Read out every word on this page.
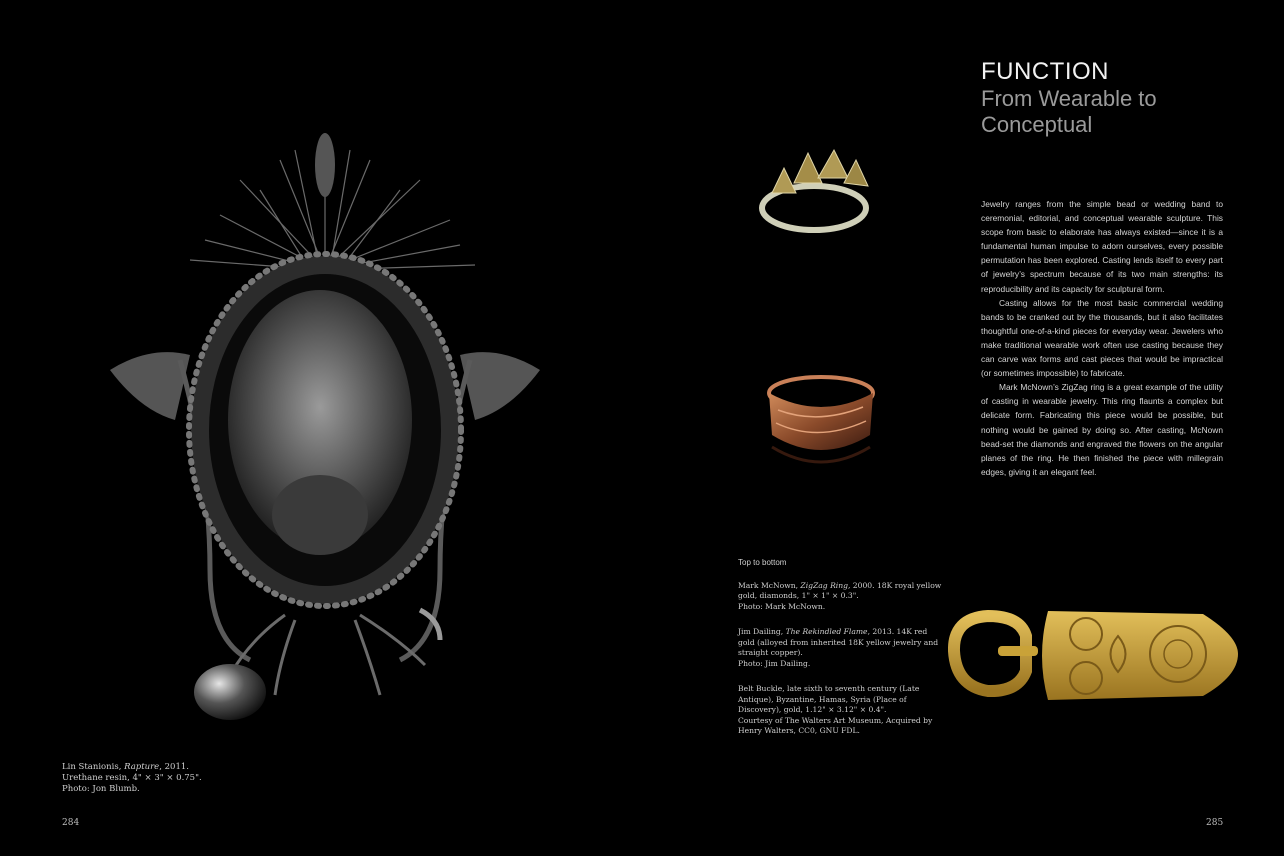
Lin Stanionis, Rapture, 2011.
Urethane resin, 4" × 3" × 0.75".
Photo: Jon Blumb.
284
FUNCTION
From Wearable to Conceptual

Jewelry ranges from the simple bead or wedding band to ceremonial, editorial, and conceptual wearable sculpture. This scope from basic to elaborate has always existed—since it is a fundamental human impulse to adorn ourselves, every possible permutation has been explored. Casting lends itself to every part of jewelry’s spectrum because of its two main strengths: its reproducibility and its capacity for sculptural form.

Casting allows for the most basic commercial wedding bands to be cranked out by the thousands, but it also facilitates thoughtful one-of-a-kind pieces for everyday wear. Jewelers who make traditional wearable work often use casting because they can carve wax forms and cast pieces that would be impractical (or sometimes impossible) to fabricate.

Mark McNown’s ZigZag ring is a great example of the utility of casting in wearable jewelry. This ring flaunts a complex but delicate form. Fabricating this piece would be possible, but nothing would be gained by doing so. After casting, McNown bead-set the diamonds and engraved the flowers on the angular planes of the ring. He then finished the piece with millegrain edges, giving it an elegant feel.

Top to bottom
Mark McNown, ZigZag Ring, 2000. 18K royal yellow gold, diamonds, 1" × 1" × 0.3".
Photo: Mark McNown.
Jim Dailing, The Rekindled Flame, 2013. 14K red gold (alloyed from inherited 18K yellow jewelry and straight copper).
Photo: Jim Dailing.
Belt Buckle, late sixth to seventh century (Late Antique), Byzantine, Hamas, Syria (Place of Discovery), gold, 1.12" × 3.12" × 0.4".
Courtesy of The Walters Art Museum, Acquired by Henry Walters, CC0, GNU FDL.
285
